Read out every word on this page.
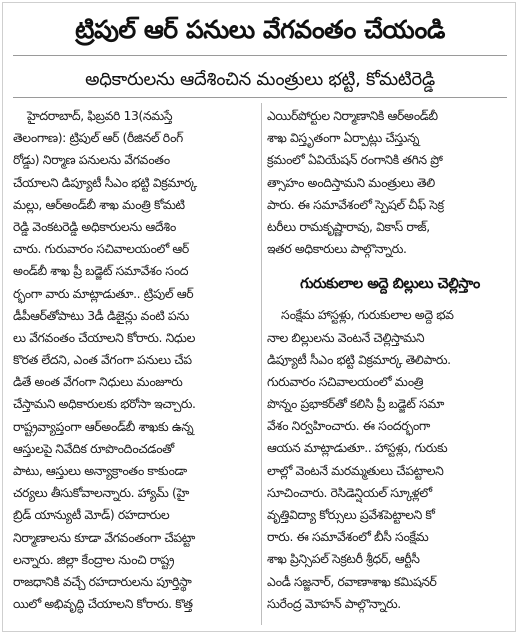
ట్రిపుల్ ఆర్ పనులు వేగవంతం చేయండి
అధికారులను ఆదేశించిన మంత్రులు భట్టి, కోమటిరెడ్డి
హైదరాబాద్, ఫిబ్రవరి 13(నమస్తే
తెలంగాణ): ట్రిపుల్ ఆర్ (రీజినల్ రింగ్
రోడ్డు) నిర్మాణ పనులను వేగవంతం
చేయాలని డిప్యూటీ సీఎం భట్టి విక్రమార్క
మల్లు, ఆర్‌అండ్‌బీ శాఖ మంత్రి కోమటి
రెడ్డి వెంకటరెడ్డి అధికారులను ఆదేశిం
చారు. గురువారం సచివాలయంలో ఆర్
అండ్‌బీ శాఖ ప్రీ బడ్జెట్ సమావేశం సంద
ర్భంగా వారు మాట్లాడుతూ.. ట్రిపుల్ ఆర్
డీపీఆర్‌తోపాటు 3డీ డిజైన్లు వంటి పను
లు వేగవంతం చేయాలని కోరారు. నిధుల
కొరత లేదని, ఎంత వేగంగా పనులు చేప
డితే అంత వేగంగా నిధులు మంజూరు
చేస్తామని అధికారులకు భరోసా ఇచ్చారు.
రాష్ట్రవ్యాప్తంగా ఆర్‌అండ్‌బీ శాఖకు ఉన్న
ఆస్తులపై నివేదిక రూపొందించడంతో
పాటు, ఆస్తులు అన్యాక్రాంతం కాకుండా
చర్యలు తీసుకోవాలన్నారు. హ్యామ్ (హై
బ్రిడ్ యాన్యుటీ మోడ్) రహదారుల
నిర్మాణాలను కూడా వేగవంతంగా చేపట్టా
లన్నారు. జిల్లా కేంద్రాల నుంచి రాష్ట్ర
రాజధానికి వచ్చే రహదారులను పూర్తిస్థా
యిలో అభివృద్ధి చేయాలని కోరారు. కొత్త
ఎయిర్‌పోర్టుల నిర్మాణానికి ఆర్‌అండ్‌బీ
శాఖ విస్తృతంగా ఏర్పాట్లు చేస్తున్న
క్రమంలో ఏవియేషన్ రంగానికి తగిన ప్రో
త్సాహం అందిస్తామని మంత్రులు తెలి
పారు. ఈ సమావేశంలో స్పెషల్ చీఫ్ సెక్ర
టరీలు రామకృష్ణారావు, వికాస్ రాజ్,
ఇతర అధికారులు పాల్గొన్నారు.
గురుకులాల అద్దె బిల్లులు చెల్లిస్తాం
సంక్షేమ హాస్టళ్లు, గురుకులాల అద్దె భవ
నాల బిల్లులను వెంటనే చెల్లిస్తామని
డిప్యూటీ సీఎం భట్టి విక్రమార్క తెలిపారు.
గురువారం సచివాలయంలో మంత్రి
పొన్నం ప్రభాకర్‌తో కలిసి ప్రీ బడ్జెట్ సమా
వేశం నిర్వహించారు. ఈ సందర్భంగా
ఆయన మాట్లాడుతూ.. హాస్టళ్లు, గురుకు
లాల్లో వెంటనే మరమ్మతులు చేపట్టాలని
సూచించారు. రెసిడెన్షియల్ స్కూళ్లలో
వృత్తివిద్యా కోర్సులు ప్రవేశపెట్టాలని కో
రారు. ఈ సమావేశంలో బీసీ సంక్షేమ
శాఖ ప్రిన్సిపల్ సెక్రటరీ శ్రీధర్, ఆర్టీసీ
ఎండీ సజ్జనార్, రవాణాశాఖ కమిషనర్
సురేంద్ర మోహన్ పాల్గొన్నారు.
